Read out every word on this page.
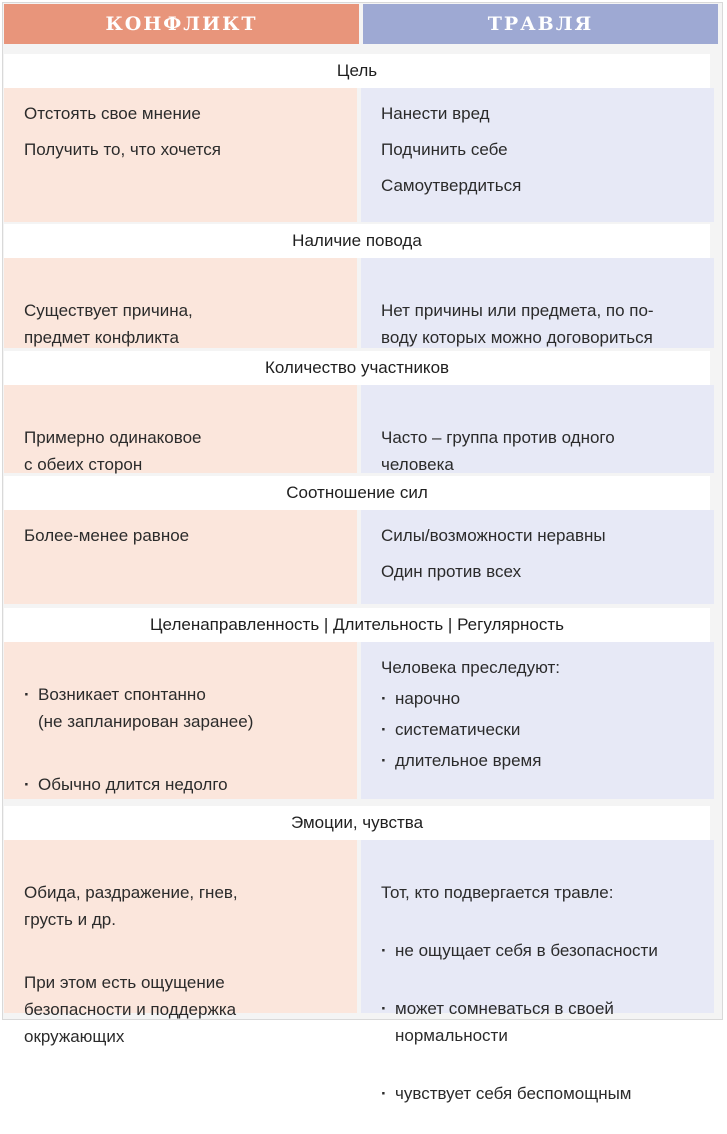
КОНФЛИКТ	ТРАВЛЯ
Цель
Отстоять свое мнение
Получить то, что хочется
Нанести вред
Подчинить себе
Самоутвердиться
Наличие повода

Существует причина,
предмет конфликта

Нет причины или предмета, по по-
воду которых можно договориться

Количество участников

Примерно одинаковое
с обеих сторон

Часто – группа против одного
человека

Соотношение сил
Более-менее равное	Силы/возможности неравны
Один против всех
Целенаправленность | Длительность | Регулярность

· Возникает спонтанно
(не запланирован заранее)

· Обычно длится недолго

·

Человека преследуют:
· нарочно
· систематически
· длительное время
Эмоции, чувства

Обида, раздражение, гнев,
грусть и др.

При этом есть ощущение
безопасности и поддержка
окружающих

Тот, кто подвергается травле:

· не ощущает себя в безопасности

· может сомневаться в своей
нормальности

· чувствует себя беспомощным
